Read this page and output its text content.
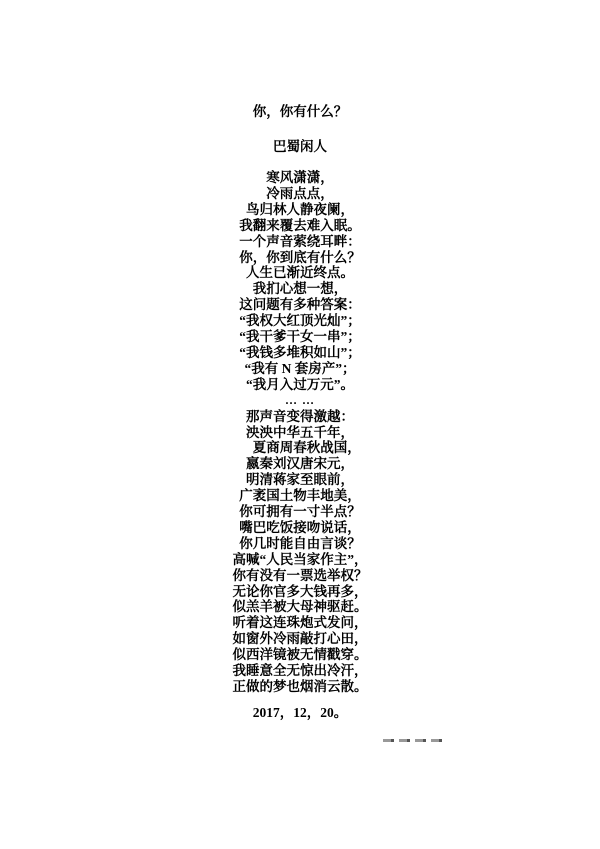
你，你有什么？
巴蜀闲人
寒风潇潇，
冷雨点点，
鸟归林人静夜阑，
我翻来覆去难入眠。
一个声音萦绕耳畔：
你，你到底有什么？
人生已渐近终点。
我扪心想一想，
这问题有多种答案：
“我权大红顶光灿”；
“我干爹干女一串”；
“我钱多堆积如山”；
“我有 N 套房产”；
“我月入过万元”。
… …
那声音变得激越：
泱泱中华五千年，
　夏商周春秋战国，
嬴秦刘汉唐宋元，
明清蒋家至眼前，
广袤国土物丰地美，
你可拥有一寸半点？
嘴巴吃饭接吻说话，
你几时能自由言谈？
高喊“人民当家作主”，
你有没有一票选举权？
无论你官多大钱再多，
似羔羊被大母神驱赶。
听着这连珠炮式发问，
如窗外冷雨敲打心田，
似西洋镜被无情戳穿。
我睡意全无惊出冷汗，
正做的梦也烟消云散。
2017，12，20。
